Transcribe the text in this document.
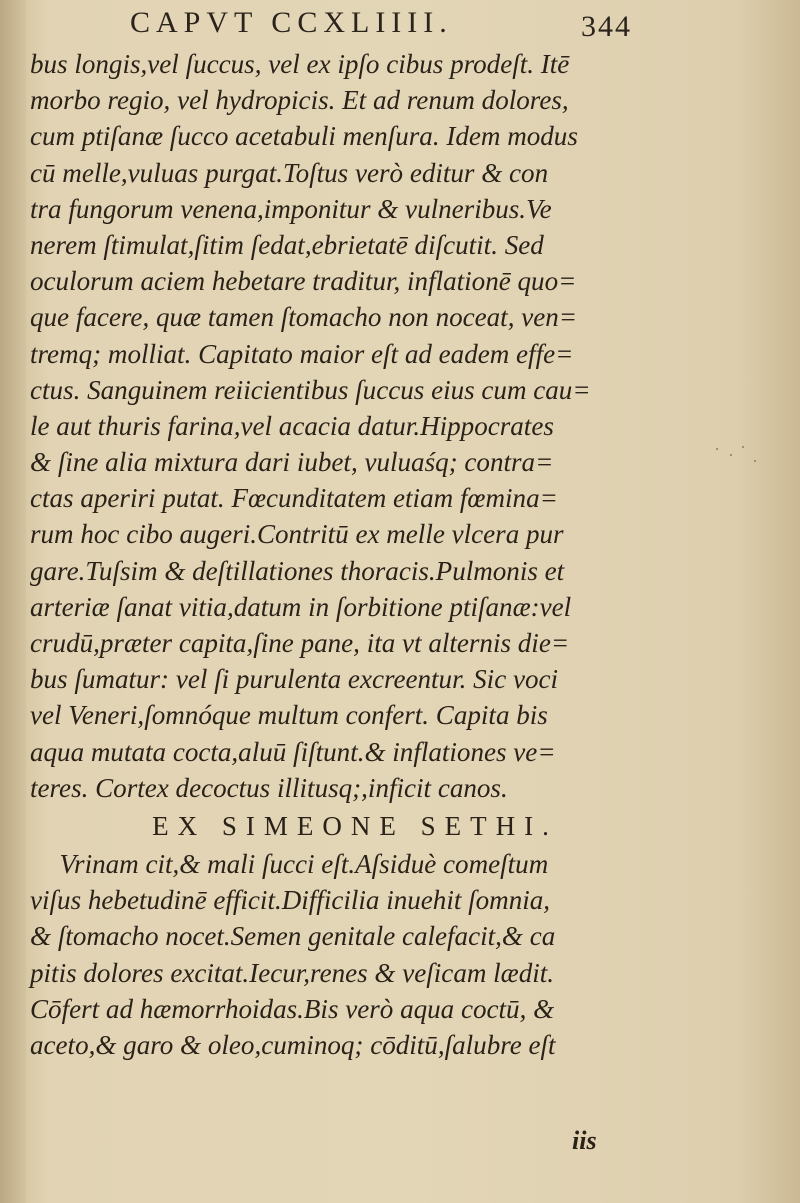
CAPVT CCXLIIII.	344
bus longis,vel ſuccus, vel ex ipſo cibus prodeſt. Itē
morbo regio, vel hydropicis. Et ad renum dolores,
cum ptiſanæ ſucco acetabuli menſura. Idem modus
cū melle,vuluas purgat.Toſtus verò editur & con
tra fungorum venena,imponitur & vulneribus.Ve
nerem ſtimulat,ſitim ſedat,ebrietatē diſcutit. Sed
oculorum aciem hebetare traditur, inflationē quo=
que facere, quæ tamen ſtomacho non noceat, ven=
tremq; molliat. Capitato maior eſt ad eadem effe=
ctus. Sanguinem reiicientibus ſuccus eius cum cau=
le aut thuris farina,vel acacia datur.Hippocrates
& ſine alia mixtura dari iubet, vuluaśq; contra=
ctas aperiri putat. Fœcunditatem etiam fœmina=
rum hoc cibo augeri.Contritū ex melle vlcera pur
gare.Tuſsim & deſtillationes thoracis.Pulmonis et
arteriæ ſanat vitia,datum in ſorbitione ptiſanæ:vel
crudū,præter capita,ſine pane, ita vt alternis die=
bus ſumatur: vel ſi purulenta excreentur. Sic voci
vel Veneri,ſomnóque multum confert. Capita bis
aqua mutata cocta,aluū ſiſtunt.& inflationes ve=
teres. Cortex decoctus illitusq;,inficit canos.
EX SIMEONE SETHI.
Vrinam cit,& mali ſucci eſt.Aſsiduè comeſtum
viſus hebetudinē efficit.Difficilia inuehit ſomnia,
& ſtomacho nocet.Semen genitale calefacit,& ca
pitis dolores excitat.Iecur,renes & veſicam lædit.
Cōfert ad hæmorrhoidas.Bis verò aqua coctū, &
aceto,& garo & oleo,cuminoq; cōditū,ſalubre eſt
iis
